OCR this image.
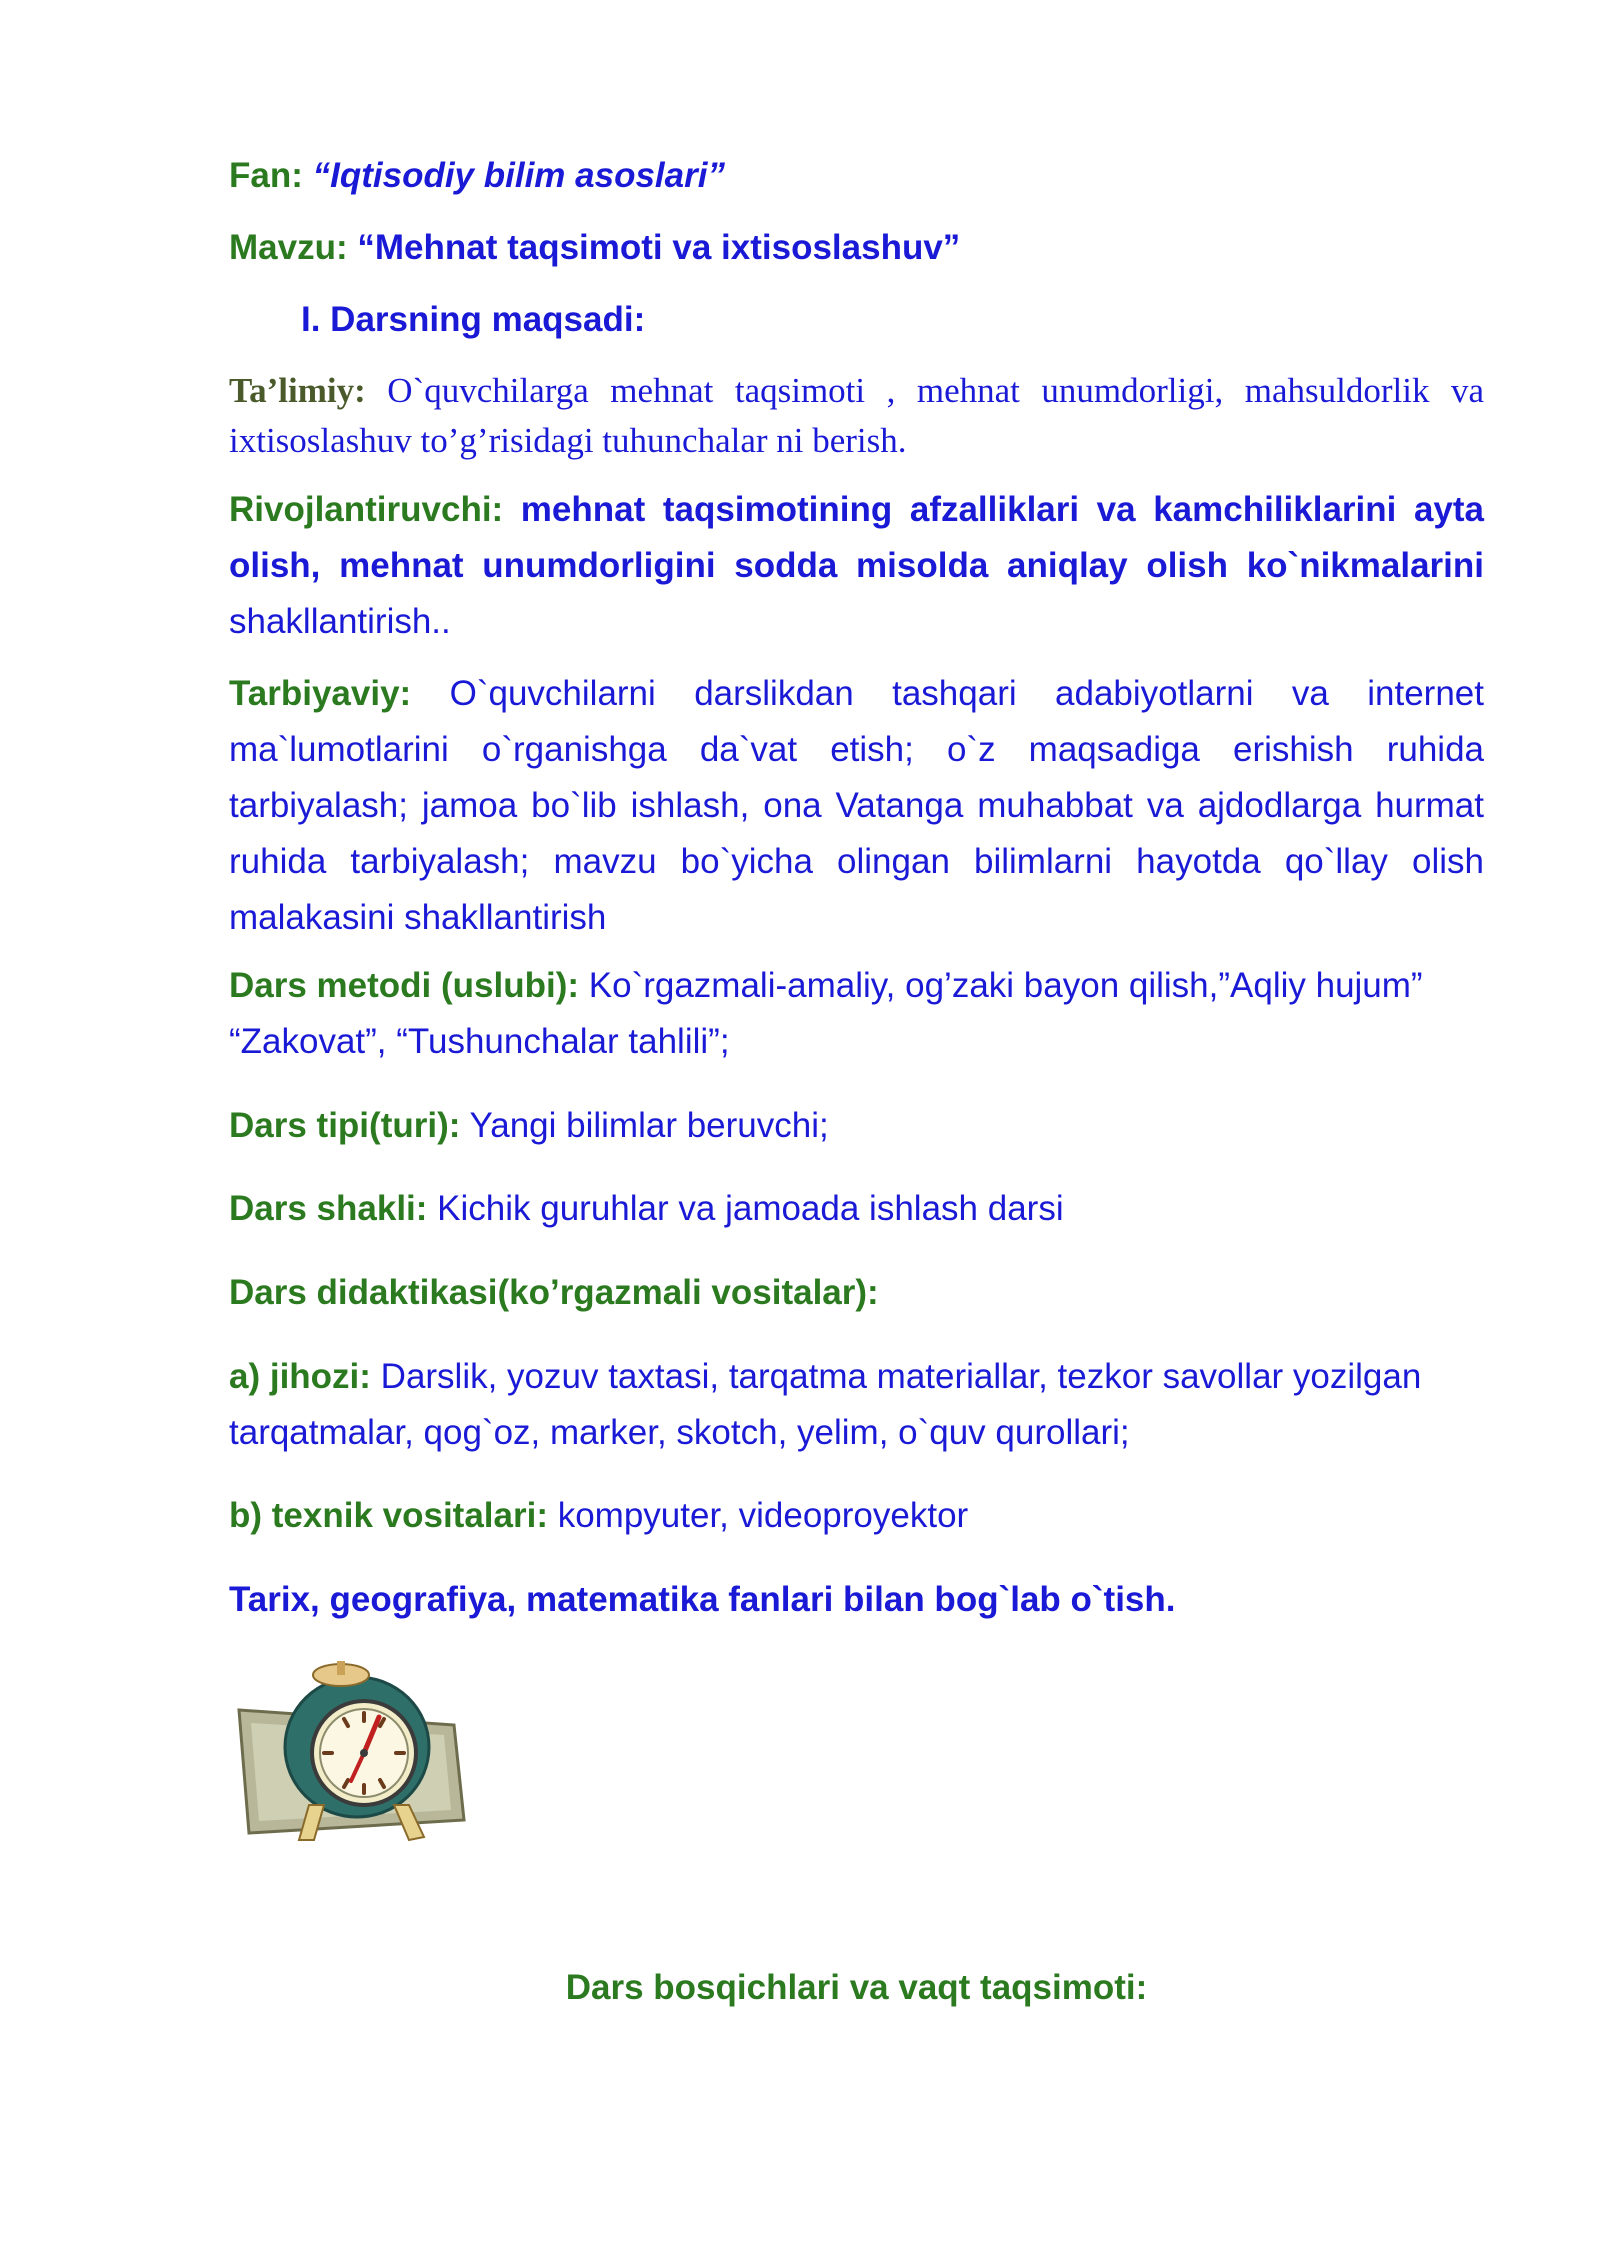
Fan: “Iqtisodiy bilim asoslari”

Mavzu: “Mehnat taqsimoti va ixtisoslashuv”

I. Darsning maqsadi:

Ta’limiy: O`quvchilarga mehnat taqsimoti , mehnat unumdorligi, mahsuldorlik va ixtisoslashuv to’g’risidagi tuhunchalar ni berish.

Rivojlantiruvchi: mehnat taqsimotining afzalliklari va kamchiliklarini ayta olish, mehnat unumdorligini sodda misolda aniqlay olish ko`nikmalarini shakllantirish..

Tarbiyaviy: O`quvchilarni darslikdan tashqari adabiyotlarni va internet ma`lumotlarini o`rganishga da`vat etish; o`z maqsadiga erishish ruhida tarbiyalash; jamoa bo`lib ishlash, ona Vatanga muhabbat va ajdodlarga hurmat ruhida tarbiyalash; mavzu bo`yicha olingan bilimlarni hayotda qo`llay olish malakasini shakllantirish

Dars metodi (uslubi): Ko`rgazmali-amaliy, og’zaki bayon qilish,”Aqliy hujum” “Zakovat”, “Tushunchalar tahlili”;

Dars tipi(turi): Yangi bilimlar beruvchi;

Dars shakli: Kichik guruhlar va jamoada ishlash darsi

Dars didaktikasi(ko’rgazmali vositalar):

a) jihozi: Darslik, yozuv taxtasi, tarqatma materiallar, tezkor savollar yozilgan tarqatmalar, qog`oz, marker, skotch, yelim, o`quv qurollari;

b) texnik vositalari: kompyuter, videoproyektor

Tarix, geografiya, matematika fanlari bilan bog`lab o`tish.

Dars bosqichlari va vaqt taqsimoti:
